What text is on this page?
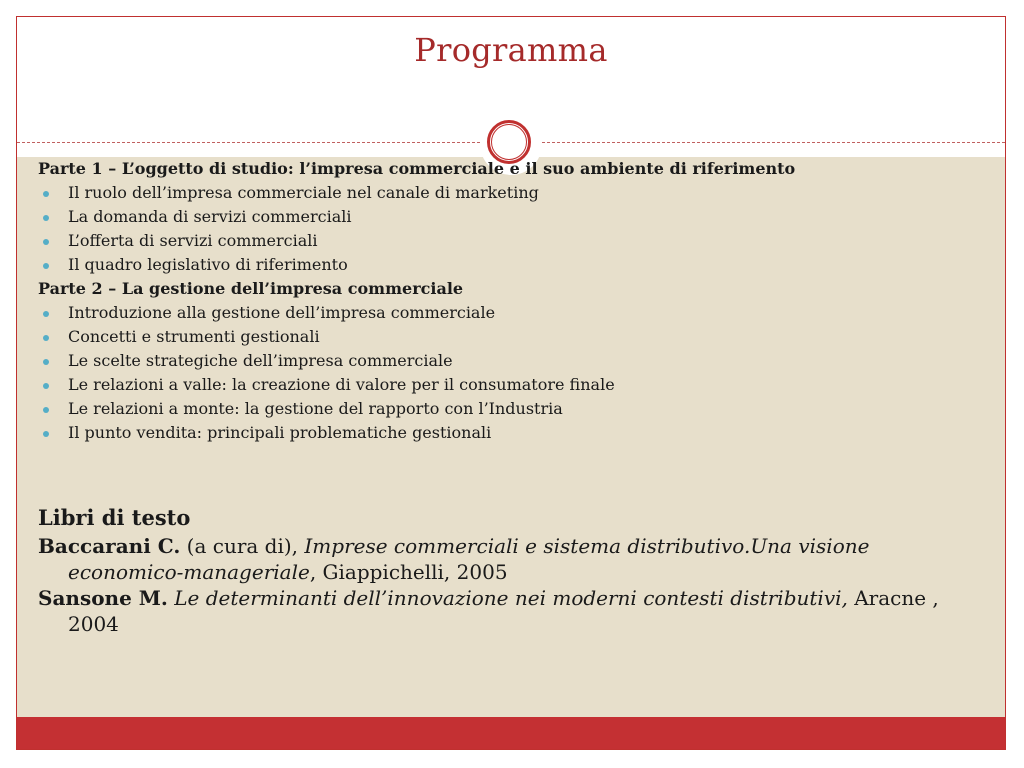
Programma

Parte 1 – L’oggetto di studio: l’impresa commerciale e il suo ambiente di riferimento

Il ruolo dell’impresa commerciale nel canale di marketing
La domanda di servizi commerciali
L’offerta di servizi commerciali
Il quadro legislativo di riferimento

Parte 2 – La gestione dell’impresa commerciale

Introduzione alla gestione dell’impresa commerciale
Concetti e strumenti gestionali
Le scelte strategiche dell’impresa commerciale
Le relazioni a valle: la creazione di valore per il consumatore finale
Le relazioni a monte: la gestione del rapporto con l’Industria
Il punto vendita: principali problematiche gestionali

Libri di testo

Baccarani C. (a cura di), Imprese commerciali e sistema distributivo.Una visione economico-manageriale, Giappichelli, 2005

Sansone M. Le determinanti dell’innovazione nei moderni contesti distributivi, Aracne , 2004
